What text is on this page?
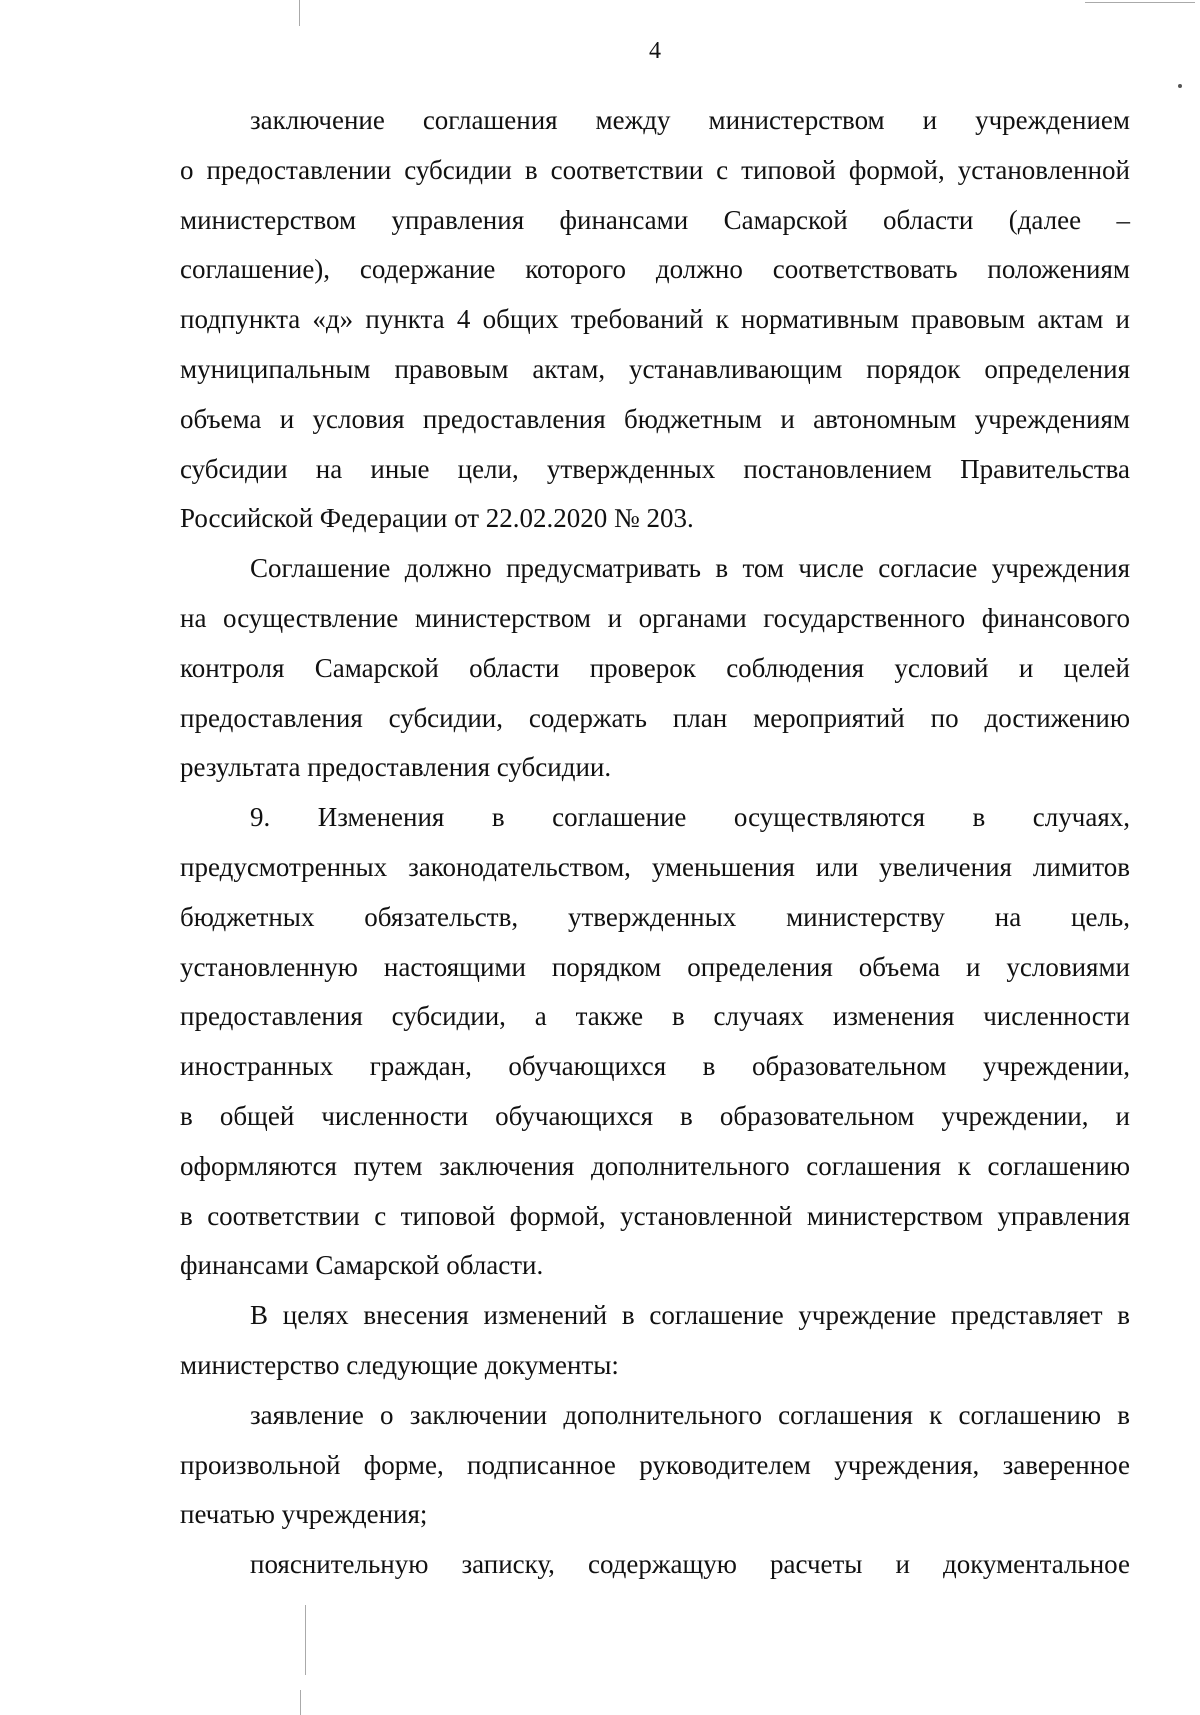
4
заключение соглашения между министерством и учреждением
о предоставлении субсидии в соответствии с типовой формой, установленной
министерством управления финансами Самарской области (далее –
соглашение), содержание которого должно соответствовать положениям
подпункта «д» пункта 4 общих требований к нормативным правовым актам и
муниципальным правовым актам, устанавливающим порядок определения
объема и условия предоставления бюджетным и автономным учреждениям
субсидии на иные цели, утвержденных постановлением Правительства
Российской Федерации от 22.02.2020 № 203.
Соглашение должно предусматривать в том числе согласие учреждения
на осуществление министерством и органами государственного финансового
контроля Самарской области проверок соблюдения условий и целей
предоставления субсидии, содержать план мероприятий по достижению
результата предоставления субсидии.
9. Изменения в соглашение осуществляются в случаях,
предусмотренных законодательством, уменьшения или увеличения лимитов
бюджетных обязательств, утвержденных министерству на цель,
установленную настоящими порядком определения объема и условиями
предоставления субсидии, а также в случаях изменения численности
иностранных граждан, обучающихся в образовательном учреждении,
в общей численности обучающихся в образовательном учреждении, и
оформляются путем заключения дополнительного соглашения к соглашению
в соответствии с типовой формой, установленной министерством управления
финансами Самарской области.
В целях внесения изменений в соглашение учреждение представляет в
министерство следующие документы:
заявление о заключении дополнительного соглашения к соглашению в
произвольной форме, подписанное руководителем учреждения, заверенное
печатью учреждения;
пояснительную записку, содержащую расчеты и документальное
